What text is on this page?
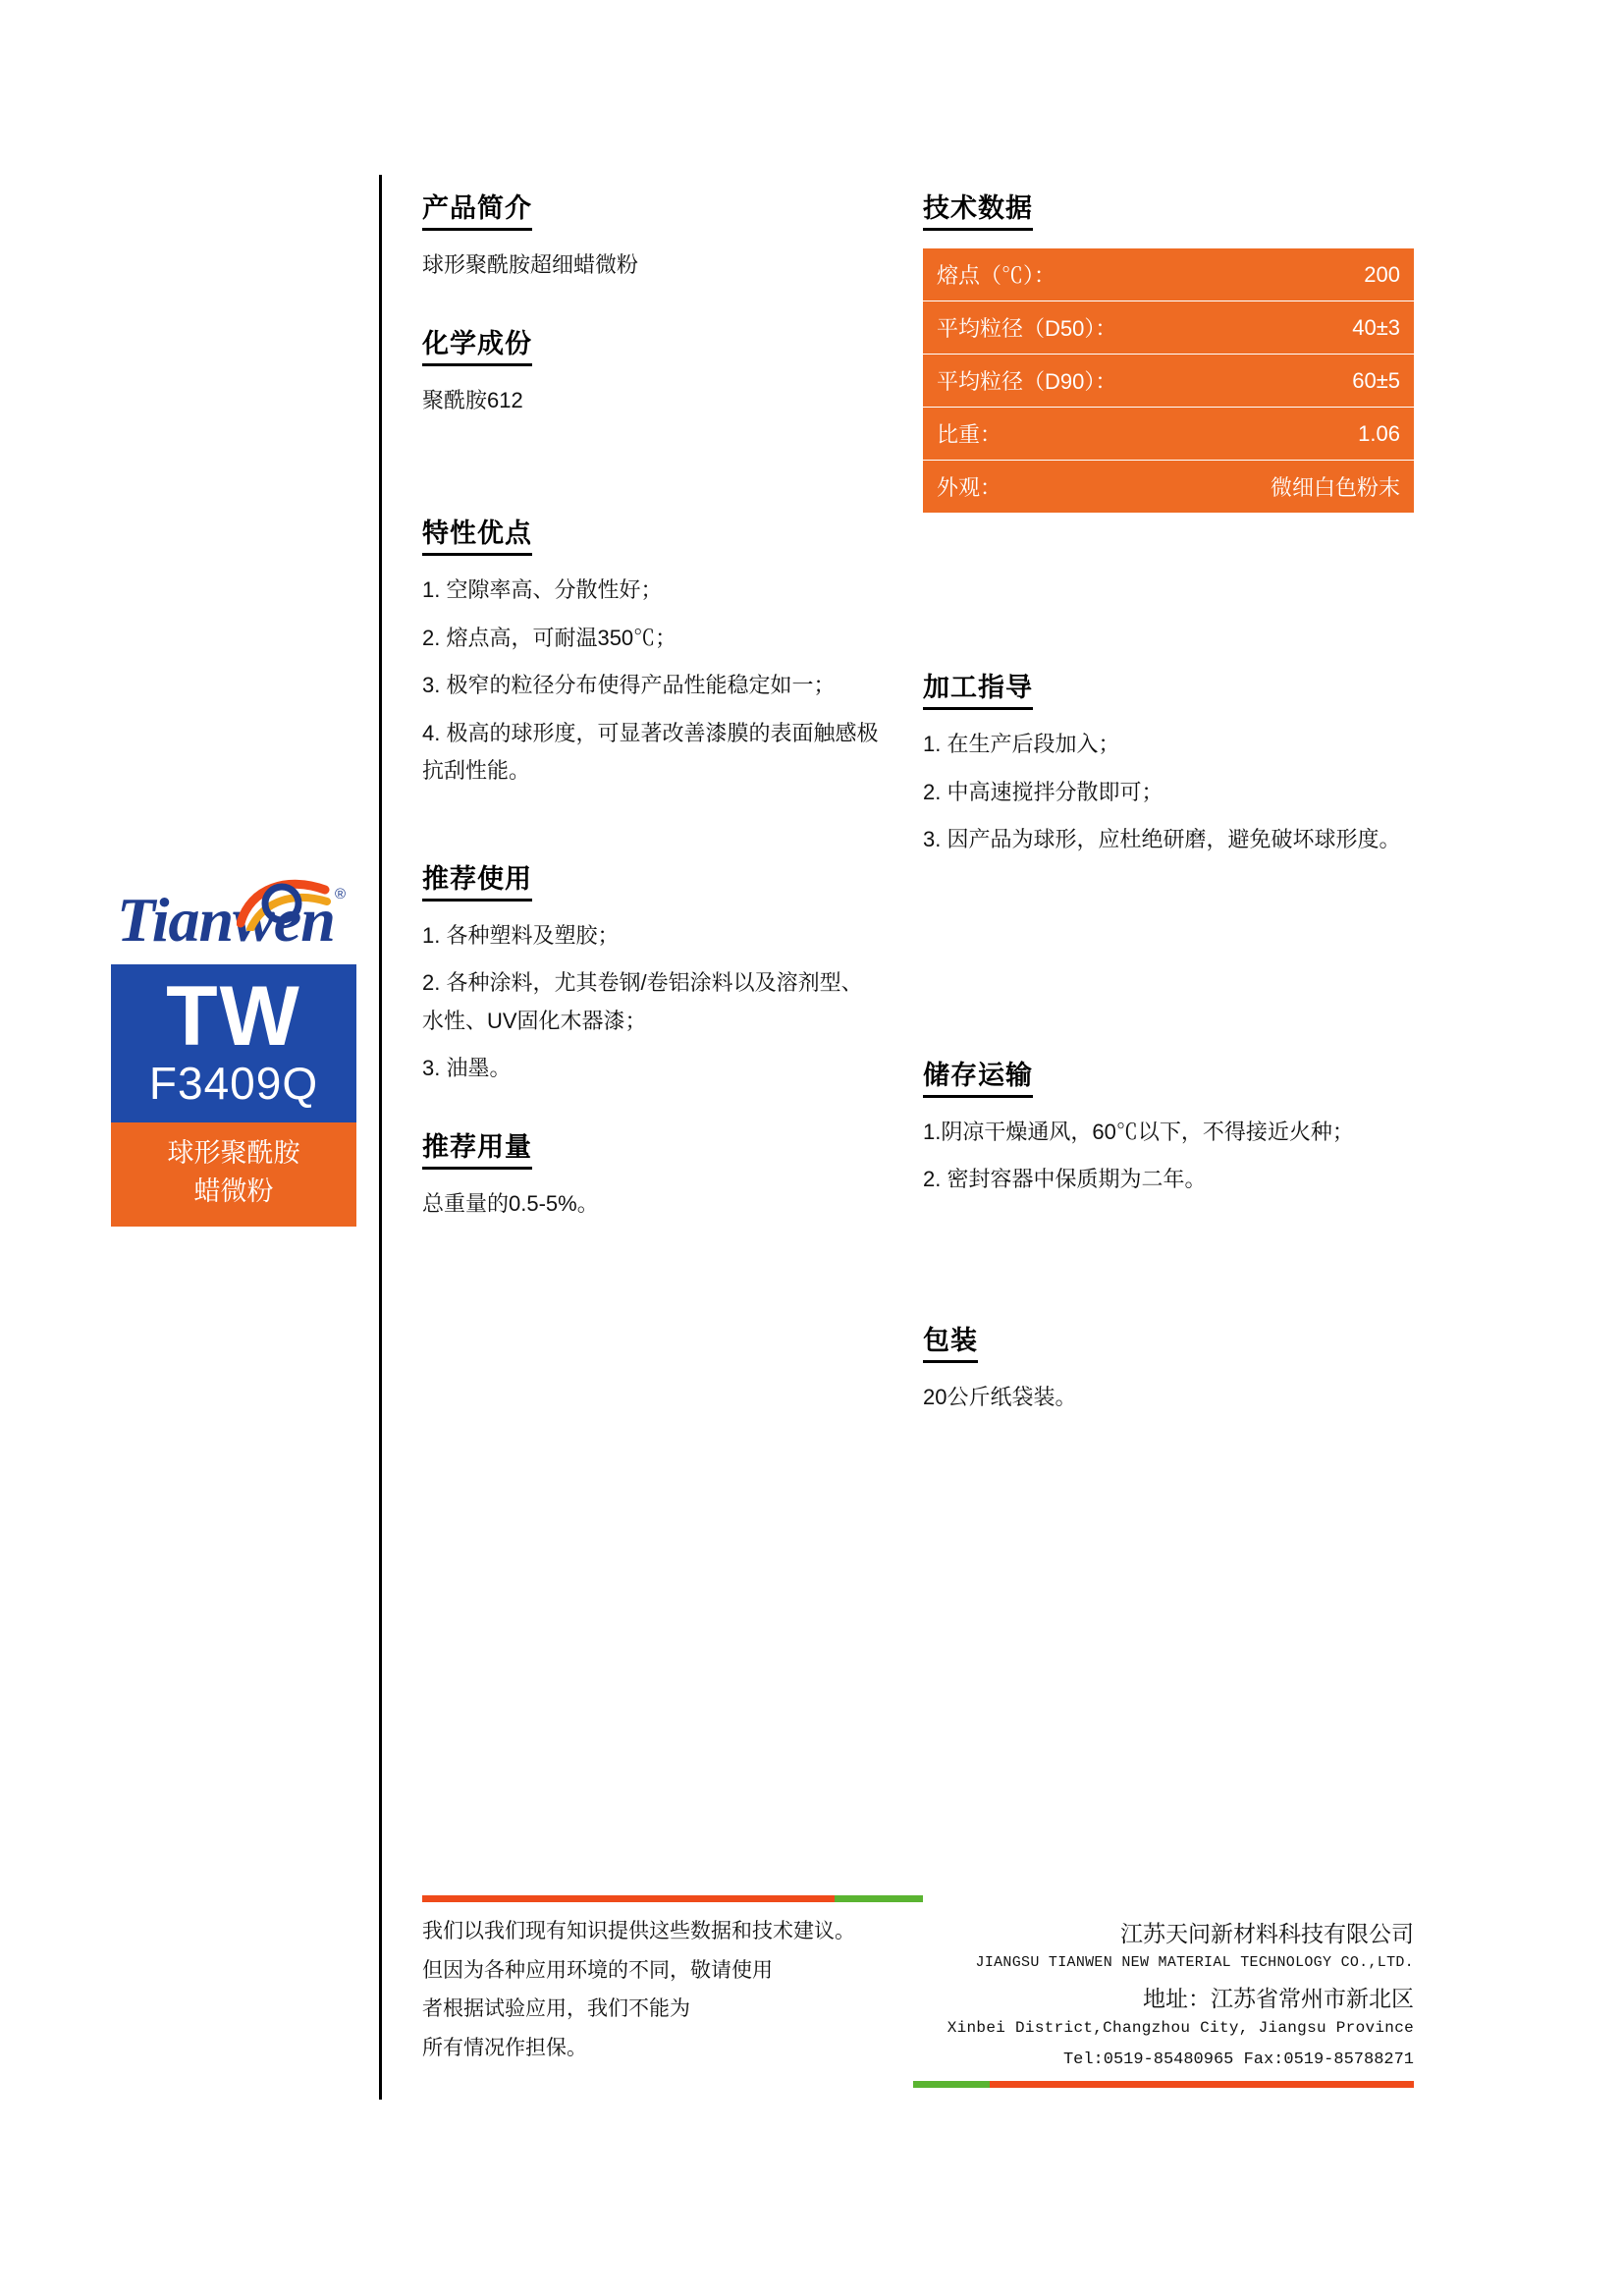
Tianwen ®
TW
F3409Q
球形聚酰胺
蜡微粉
产品简介

球形聚酰胺超细蜡微粉

化学成份

聚酰胺612

特性优点

1. 空隙率高、分散性好；

2. 熔点高，可耐温350℃；

3. 极窄的粒径分布使得产品性能稳定如一；

4. 极高的球形度，可显著改善漆膜的表面触感极抗刮性能。

推荐使用

1. 各种塑料及塑胶；

2. 各种涂料，尤其卷钢/卷铝涂料以及溶剂型、水性、UV固化木器漆；

3. 油墨。

推荐用量

总重量的0.5-5%。

技术数据
熔点（℃）：	200
平均粒径（D50）：	40±3
平均粒径（D90）：	60±5
比重：	1.06
外观：	微细白色粉末
加工指导

1. 在生产后段加入；

2. 中高速搅拌分散即可；

3. 因产品为球形，应杜绝研磨，避免破坏球形度。

储存运输

1.阴凉干燥通风，60℃以下，不得接近火种；

2. 密封容器中保质期为二年。

包装

20公斤纸袋装。

我们以我们现有知识提供这些数据和技术建议。

但因为各种应用环境的不同，敬请使用

者根据试验应用，我们不能为

所有情况作担保。

江苏天问新材料科技有限公司

JIANGSU TIANWEN NEW MATERIAL TECHNOLOGY CO.,LTD.

地址：江苏省常州市新北区

Xinbei District,Changzhou City, Jiangsu Province

Tel:0519-85480965 Fax:0519-85788271
